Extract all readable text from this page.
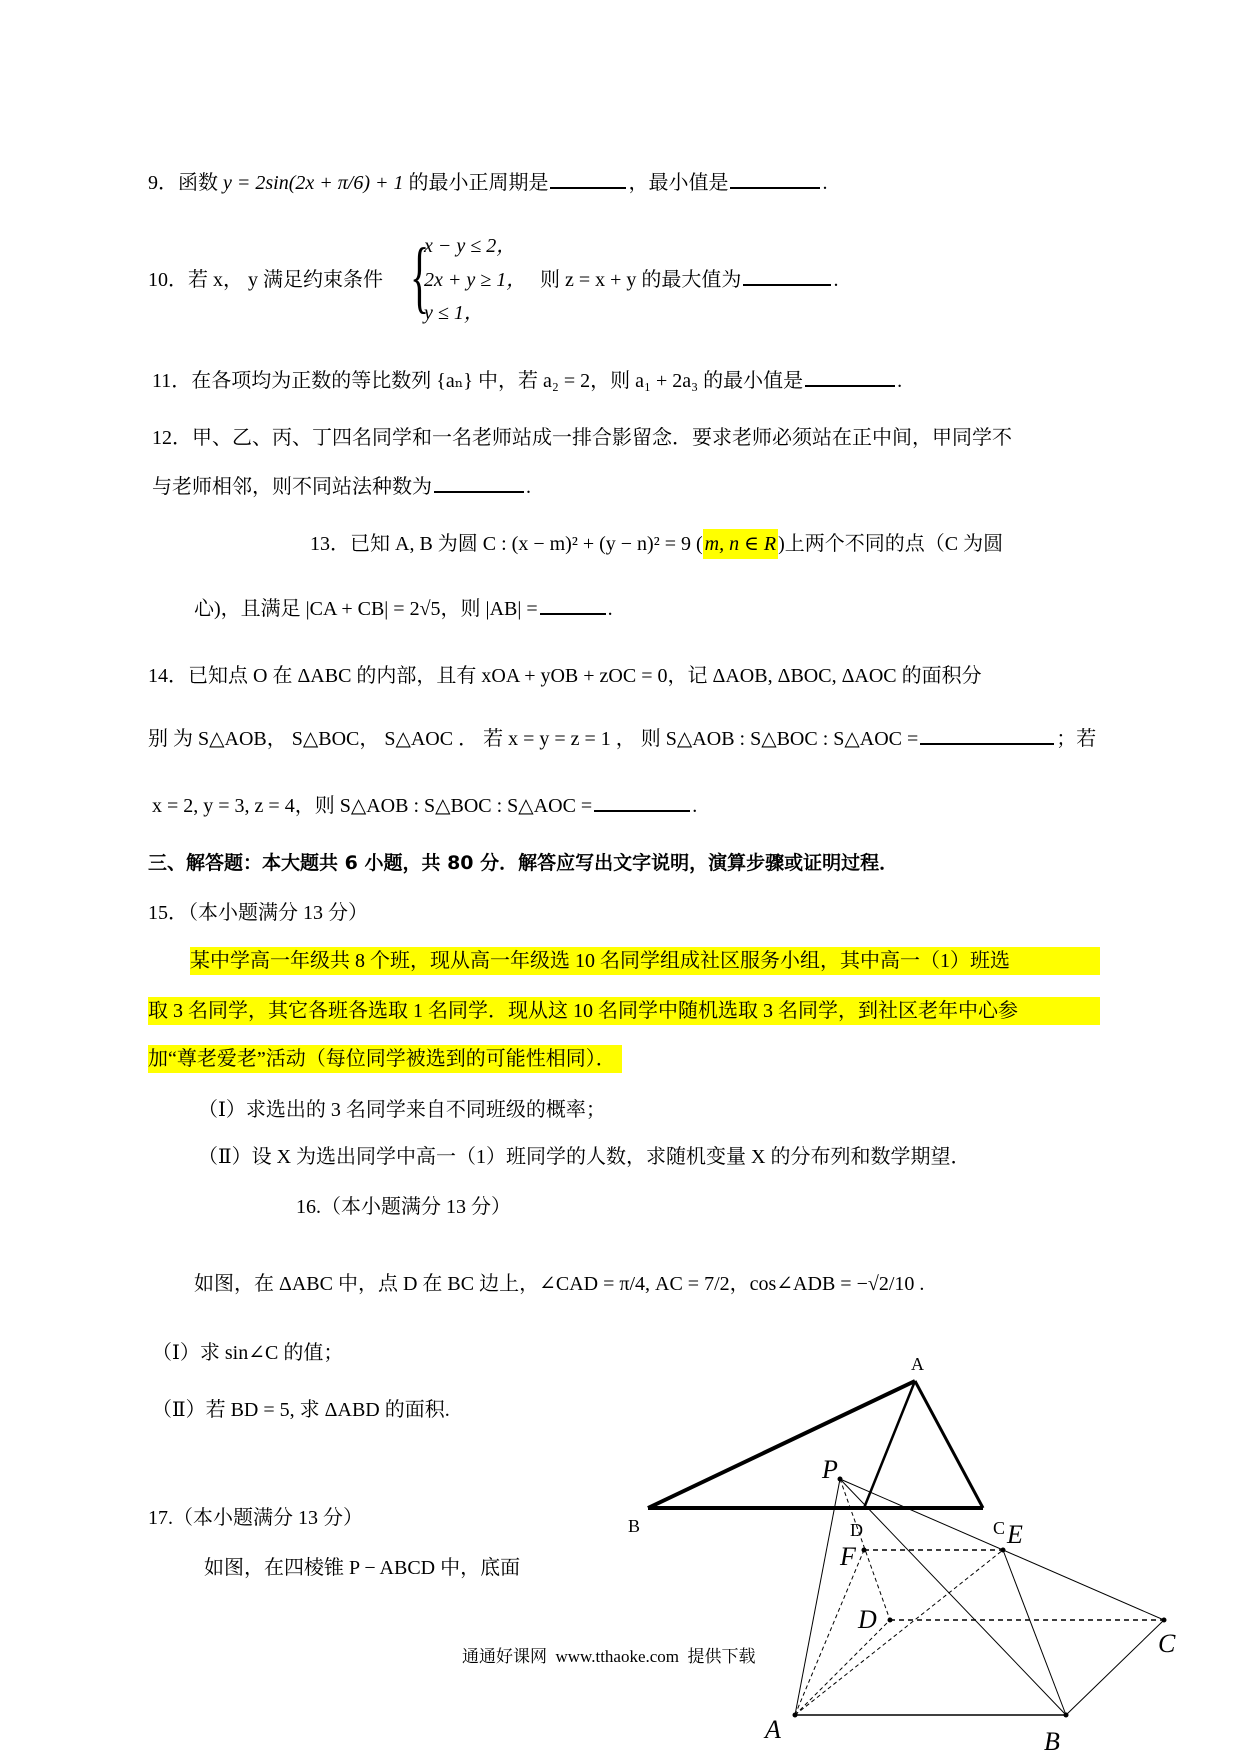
9．函数 y = 2sin(2x + π/6) + 1 的最小正周期是	，最小值是	.
10．若 x， y 满足约束条件 {
x − y ≤ 2，
2x + y ≥ 1，
y ≤ 1，
则 z = x + y 的最大值为	.
11．在各项均为正数的等比数列 {aₙ} 中，若 a₂ = 2，则 a₁ + 2a₃ 的最小值是	.
12．甲、乙、丙、丁四名同学和一名老师站成一排合影留念．要求老师必须站在正中间，甲同学不
与老师相邻，则不同站法种数为	.
13．已知 A, B 为圆 C : (x − m)² + (y − n)² = 9 ( m, n ∈ R )上两个不同的点（C 为圆
心)，且满足 |CA + CB| = 2√5，则 |AB| =	.
14．已知点 O 在 ΔABC 的内部，且有 xOA + yOB + zOC = 0，记 ΔAOB, ΔBOC, ΔAOC 的面积分
别 为 S△AOB， S△BOC， S△AOC ． 若 x = y = z = 1 ， 则 S△AOB : S△BOC : S△AOC =	；若
x = 2, y = 3, z = 4，则 S△AOB : S△BOC : S△AOC =	.
三、解答题：本大题共 6 小题，共 80 分．解答应写出文字说明，演算步骤或证明过程．
15．（本小题满分 13 分）
某中学高一年级共 8 个班，现从高一年级选 10 名同学组成社区服务小组，其中高一（1）班选
取 3 名同学，其它各班各选取 1 名同学．现从这 10 名同学中随机选取 3 名同学，到社区老年中心参
加“尊老爱老”活动（每位同学被选到的可能性相同）．
（Ⅰ）求选出的 3 名同学来自不同班级的概率；
（Ⅱ）设 X 为选出同学中高一（1）班同学的人数，求随机变量 X 的分布列和数学期望．
16.（本小题满分 13 分）
如图，在 ΔABC 中，点 D 在 BC 边上，∠CAD = π/4, AC = 7/2，cos∠ADB = −√2/10 .
（Ⅰ）求 sin∠C 的值；
（Ⅱ）若 BD = 5, 求 ΔABD 的面积.
17.（本小题满分 13 分）
如图，在四棱锥 P − ABCD 中，底面
A
B	D	C
P
E
F
D
C
A	B
通通好课网  www.tthaoke.com  提供下载
